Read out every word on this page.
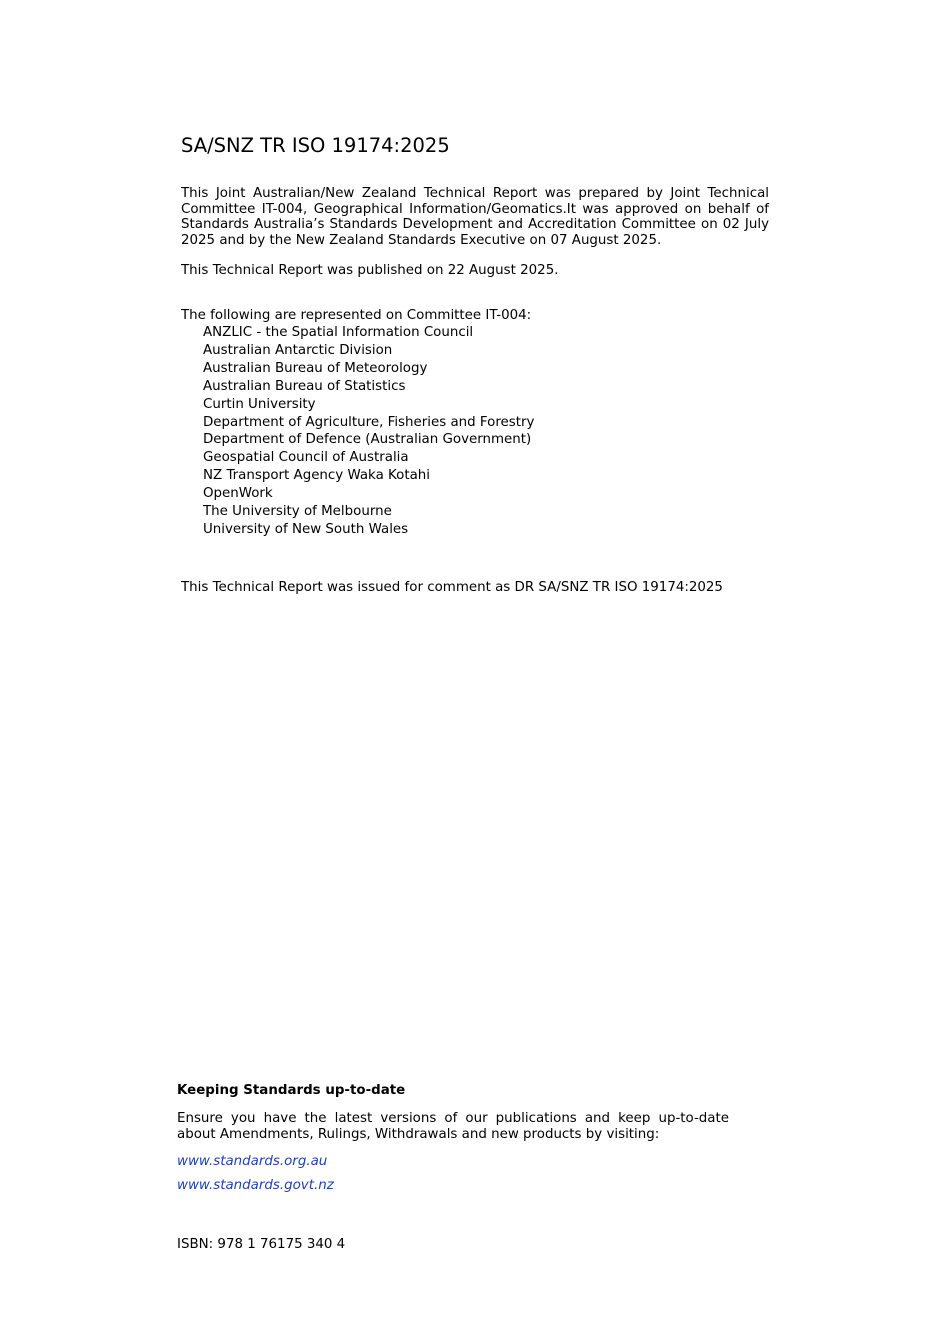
SA/SNZ TR ISO 19174:2025

This Joint Australian/New Zealand Technical Report was prepared by Joint Technical Committee IT-004, Geographical Information/Geomatics.It was approved on behalf of Standards Australia’s Standards Development and Accreditation Committee on 02 July 2025 and by the New Zealand Standards Executive on 07 August 2025.

This Technical Report was published on 22 August 2025.

The following are represented on Committee IT-004:

ANZLIC - the Spatial Information Council
Australian Antarctic Division
Australian Bureau of Meteorology
Australian Bureau of Statistics
Curtin University
Department of Agriculture, Fisheries and Forestry
Department of Defence (Australian Government)
Geospatial Council of Australia
NZ Transport Agency Waka Kotahi
OpenWork
The University of Melbourne
University of New South Wales

This Technical Report was issued for comment as DR SA/SNZ TR ISO 19174:2025

Keeping Standards up-to-date

Ensure you have the latest versions of our publications and keep up-to-date about Amendments, Rulings, Withdrawals and new products by visiting:

www.standards.org.au
www.standards.govt.nz

ISBN: 978 1 76175 340 4
